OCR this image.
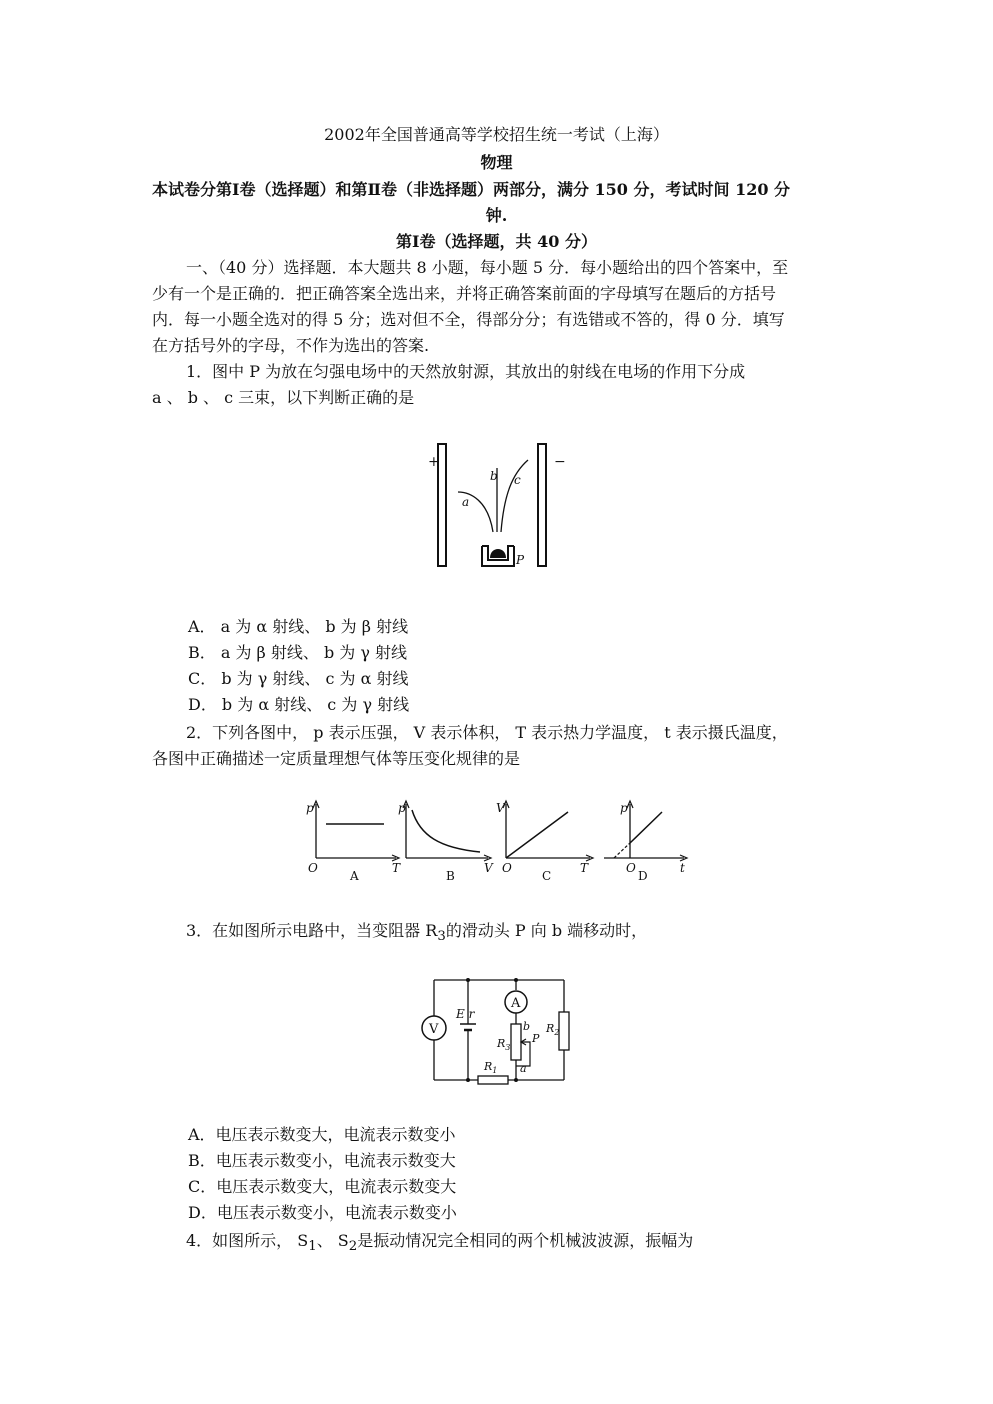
2002年全国普通高等学校招生统一考试（上海）
物理
本试卷分第Ⅰ卷（选择题）和第Ⅱ卷（非选择题）两部分，满分 150 分，考试时间 120 分
钟.
第Ⅰ卷（选择题，共 40 分）
一、（40 分）选择题．本大题共 8 小题，每小题 5 分．每小题给出的四个答案中，至
少有一个是正确的．把正确答案全选出来，并将正确答案前面的字母填写在题后的方括号
内．每一小题全选对的得 5 分；选对但不全，得部分分；有选错或不答的，得 0 分．填写
在方括号外的字母，不作为选出的答案.
1．图中 P 为放在匀强电场中的天然放射源，其放出的射线在电场的作用下分成
a 、 b 、 c 三束，以下判断正确的是
+	−
a
b c
P
A． a 为 α 射线、 b 为 β 射线
B． a 为 β 射线、 b 为 γ 射线
C． b 为 γ 射线、 c 为 α 射线
D． b 为 α 射线、 c 为 γ 射线
2．下列各图中， p 表示压强， V 表示体积， T 表示热力学温度， t 表示摄氏温度，
各图中正确描述一定质量理想气体等压变化规律的是
p
T
O
A
p
V
B
V
T
O
C
p
t
O
D
3．在如图所示电路中，当变阻器 $R_3$的滑动头 P 向 b 端移动时，
V
E r
$R_1$
A
b
a
$R_3$
P
$R_2$
A．电压表示数变大，电流表示数变小
B．电压表示数变小，电流表示数变大
C．电压表示数变大，电流表示数变大
D．电压表示数变小，电流表示数变小
4．如图所示， $S_1$、 $S_2$是振动情况完全相同的两个机械波波源，振幅为
